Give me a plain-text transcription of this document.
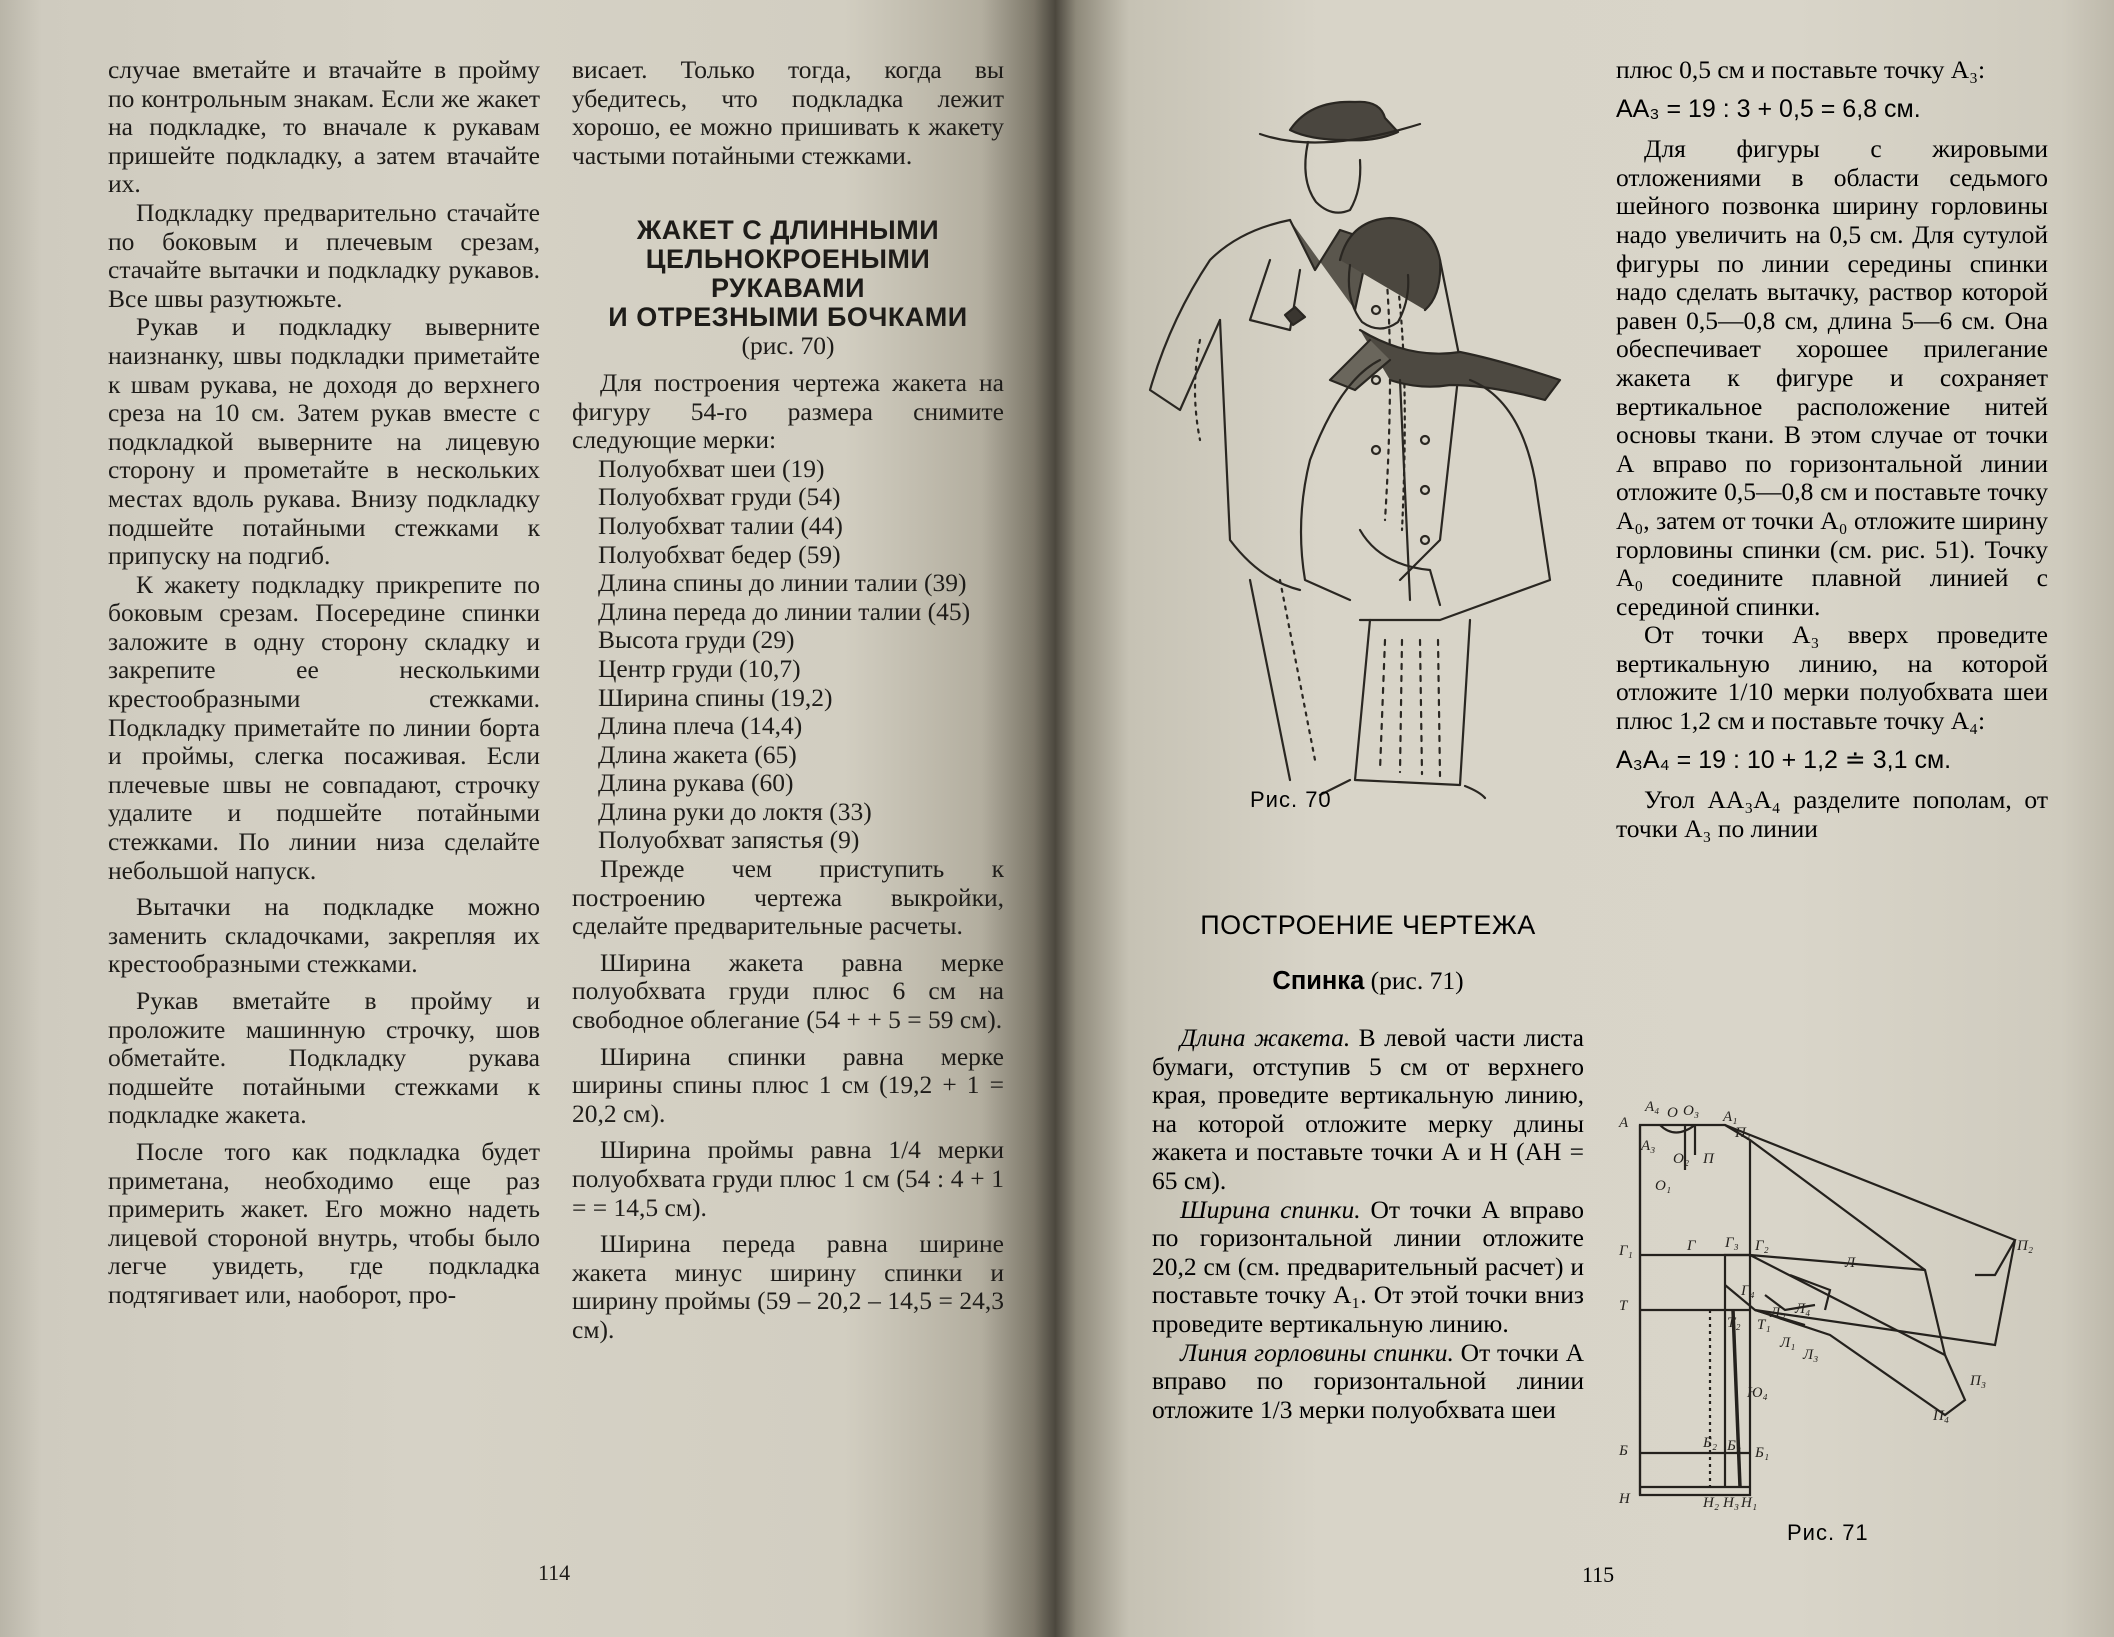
случае вметайте и втачайте в пройму по контрольным знакам. Если же жакет на подкладке, то вначале к рукавам пришейте подкладку, а затем втачайте их.

Подкладку предварительно стачайте по боковым и плечевым срезам, стачайте вытачки и подкладку рукавов. Все швы разутюжьте.

Рукав и подкладку выверните наизнанку, швы подкладки приметайте к швам рукава, не доходя до верхнего среза на 10 см. Затем рукав вместе с подкладкой выверните на лицевую сторону и прометайте в нескольких местах вдоль рукава. Внизу подкладку подшейте потайными стежками к припуску на подгиб.

К жакету подкладку прикрепите по боковым срезам. Посередине спинки заложите в одну сторону складку и закрепите ее несколькими крестообразными стежками. Подкладку приметайте по линии борта и проймы, слегка посаживая. Если плечевые швы не совпадают, строчку удалите и подшейте потайными стежками. По линии низа сделайте небольшой напуск.

Вытачки на подкладке можно заменить складочками, закрепляя их крестообразными стежками.

Рукав вметайте в пройму и проложите машинную строчку, шов обметайте. Подкладку рукава подшейте потайными стежками к подкладке жакета.

После того как подкладка будет приметана, необходимо еще раз примерить жакет. Его можно надеть лицевой стороной внутрь, чтобы было легче увидеть, где подкладка подтягивает или, наоборот, про-

висает. Только тогда, когда вы убедитесь, что подкладка лежит хорошо, ее можно пришивать к жакету частыми потайными стежками.

ЖАКЕТ С ДЛИННЫМИ
ЦЕЛЬНОКРОЕНЫМИ
РУКАВАМИ
И ОТРЕЗНЫМИ БОЧКАМИ

(рис. 70)

Для построения чертежа жакета на фигуру 54-го размера снимите следующие мерки:

Полуобхват шеи (19)

Полуобхват груди (54)

Полуобхват талии (44)

Полуобхват бедер (59)

Длина спины до линии талии (39)

Длина переда до линии талии (45)

Высота груди (29)

Центр груди (10,7)

Ширина спины (19,2)

Длина плеча (14,4)

Длина жакета (65)

Длина рукава (60)

Длина руки до локтя (33)

Полуобхват запястья (9)

Прежде чем приступить к построению чертежа выкройки, сделайте предварительные расчеты.

Ширина жакета равна мерке полуобхвата груди плюс 6 см на свободное облегание (54 + + 5 = 59 см).

Ширина спинки равна мерке ширины спины плюс 1 см (19,2 + 1 = 20,2 см).

Ширина проймы равна 1/4 мерки полуобхвата груди плюс 1 см (54 : 4 + 1 = = 14,5 см).

Ширина переда равна ширине жакета минус ширину спинки и ширину проймы (59 – 20,2 – 14,5 = 24,3 см).

114
Рис. 70
ПОСТРОЕНИЕ ЧЕРТЕЖА
Спинка (рис. 71)

Длина жакета. В левой части листа бумаги, отступив 5 см от верхнего края, проведите вертикальную линию, на которой отложите мерку длины жакета и поставьте точки А и Н (АН = 65 см).

Ширина спинки. От точки А вправо по горизонтальной линии отложите 20,2 см (см. предварительный расчет) и поставьте точку А₁. От этой точки вниз проведите вертикальную линию.

Линия горловины спинки. От точки А вправо по горизонтальной линии отложите 1/3 мерки полуобхвата шеи

плюс 0,5 см и поставьте точку А₃:

АА₃ = 19 : 3 + 0,5 = 6,8 см.

Для фигуры с жировыми отложениями в области седьмого шейного позвонка ширину горловины надо увеличить на 0,5 см. Для сутулой фигуры по линии середины спинки надо сделать вытачку, раствор которой равен 0,5—0,8 см, длина 5—6 см. Она обеспечивает хорошее прилегание жакета к фигуре и сохраняет вертикальное расположение нитей основы ткани. В этом случае от точки А вправо по горизонтальной линии отложите 0,5—0,8 см и поставьте точку А₀, затем от точки А₀ отложите ширину горловины спинки (см. рис. 51). Точку А₀ соедините плавной линией с серединой спинки.

От точки А₃ вверх проведите вертикальную линию, на которой отложите 1/10 мерки полуобхвата шеи плюс 1,2 см и поставьте точку А₄:

А₃А₄ = 19 : 10 + 1,2 ≐ 3,1 см.

Угол АА₃А₄ разделите пополам, от точки А₃ по линии

А
А₄ О О₃ А₁
П₁
А₃
О₂ П
О₁
Г₁	Г Г₃ Г₂
Л
П₂
Г₄
Л₂ Л₄
Л₁
Л₃
Т
Т₂ Т₁
П₃
Ю₄
П₄
Б	Б₂ Б₃ Б₁
Н	Н₂ Н₃ Н₁
Рис. 71
115
